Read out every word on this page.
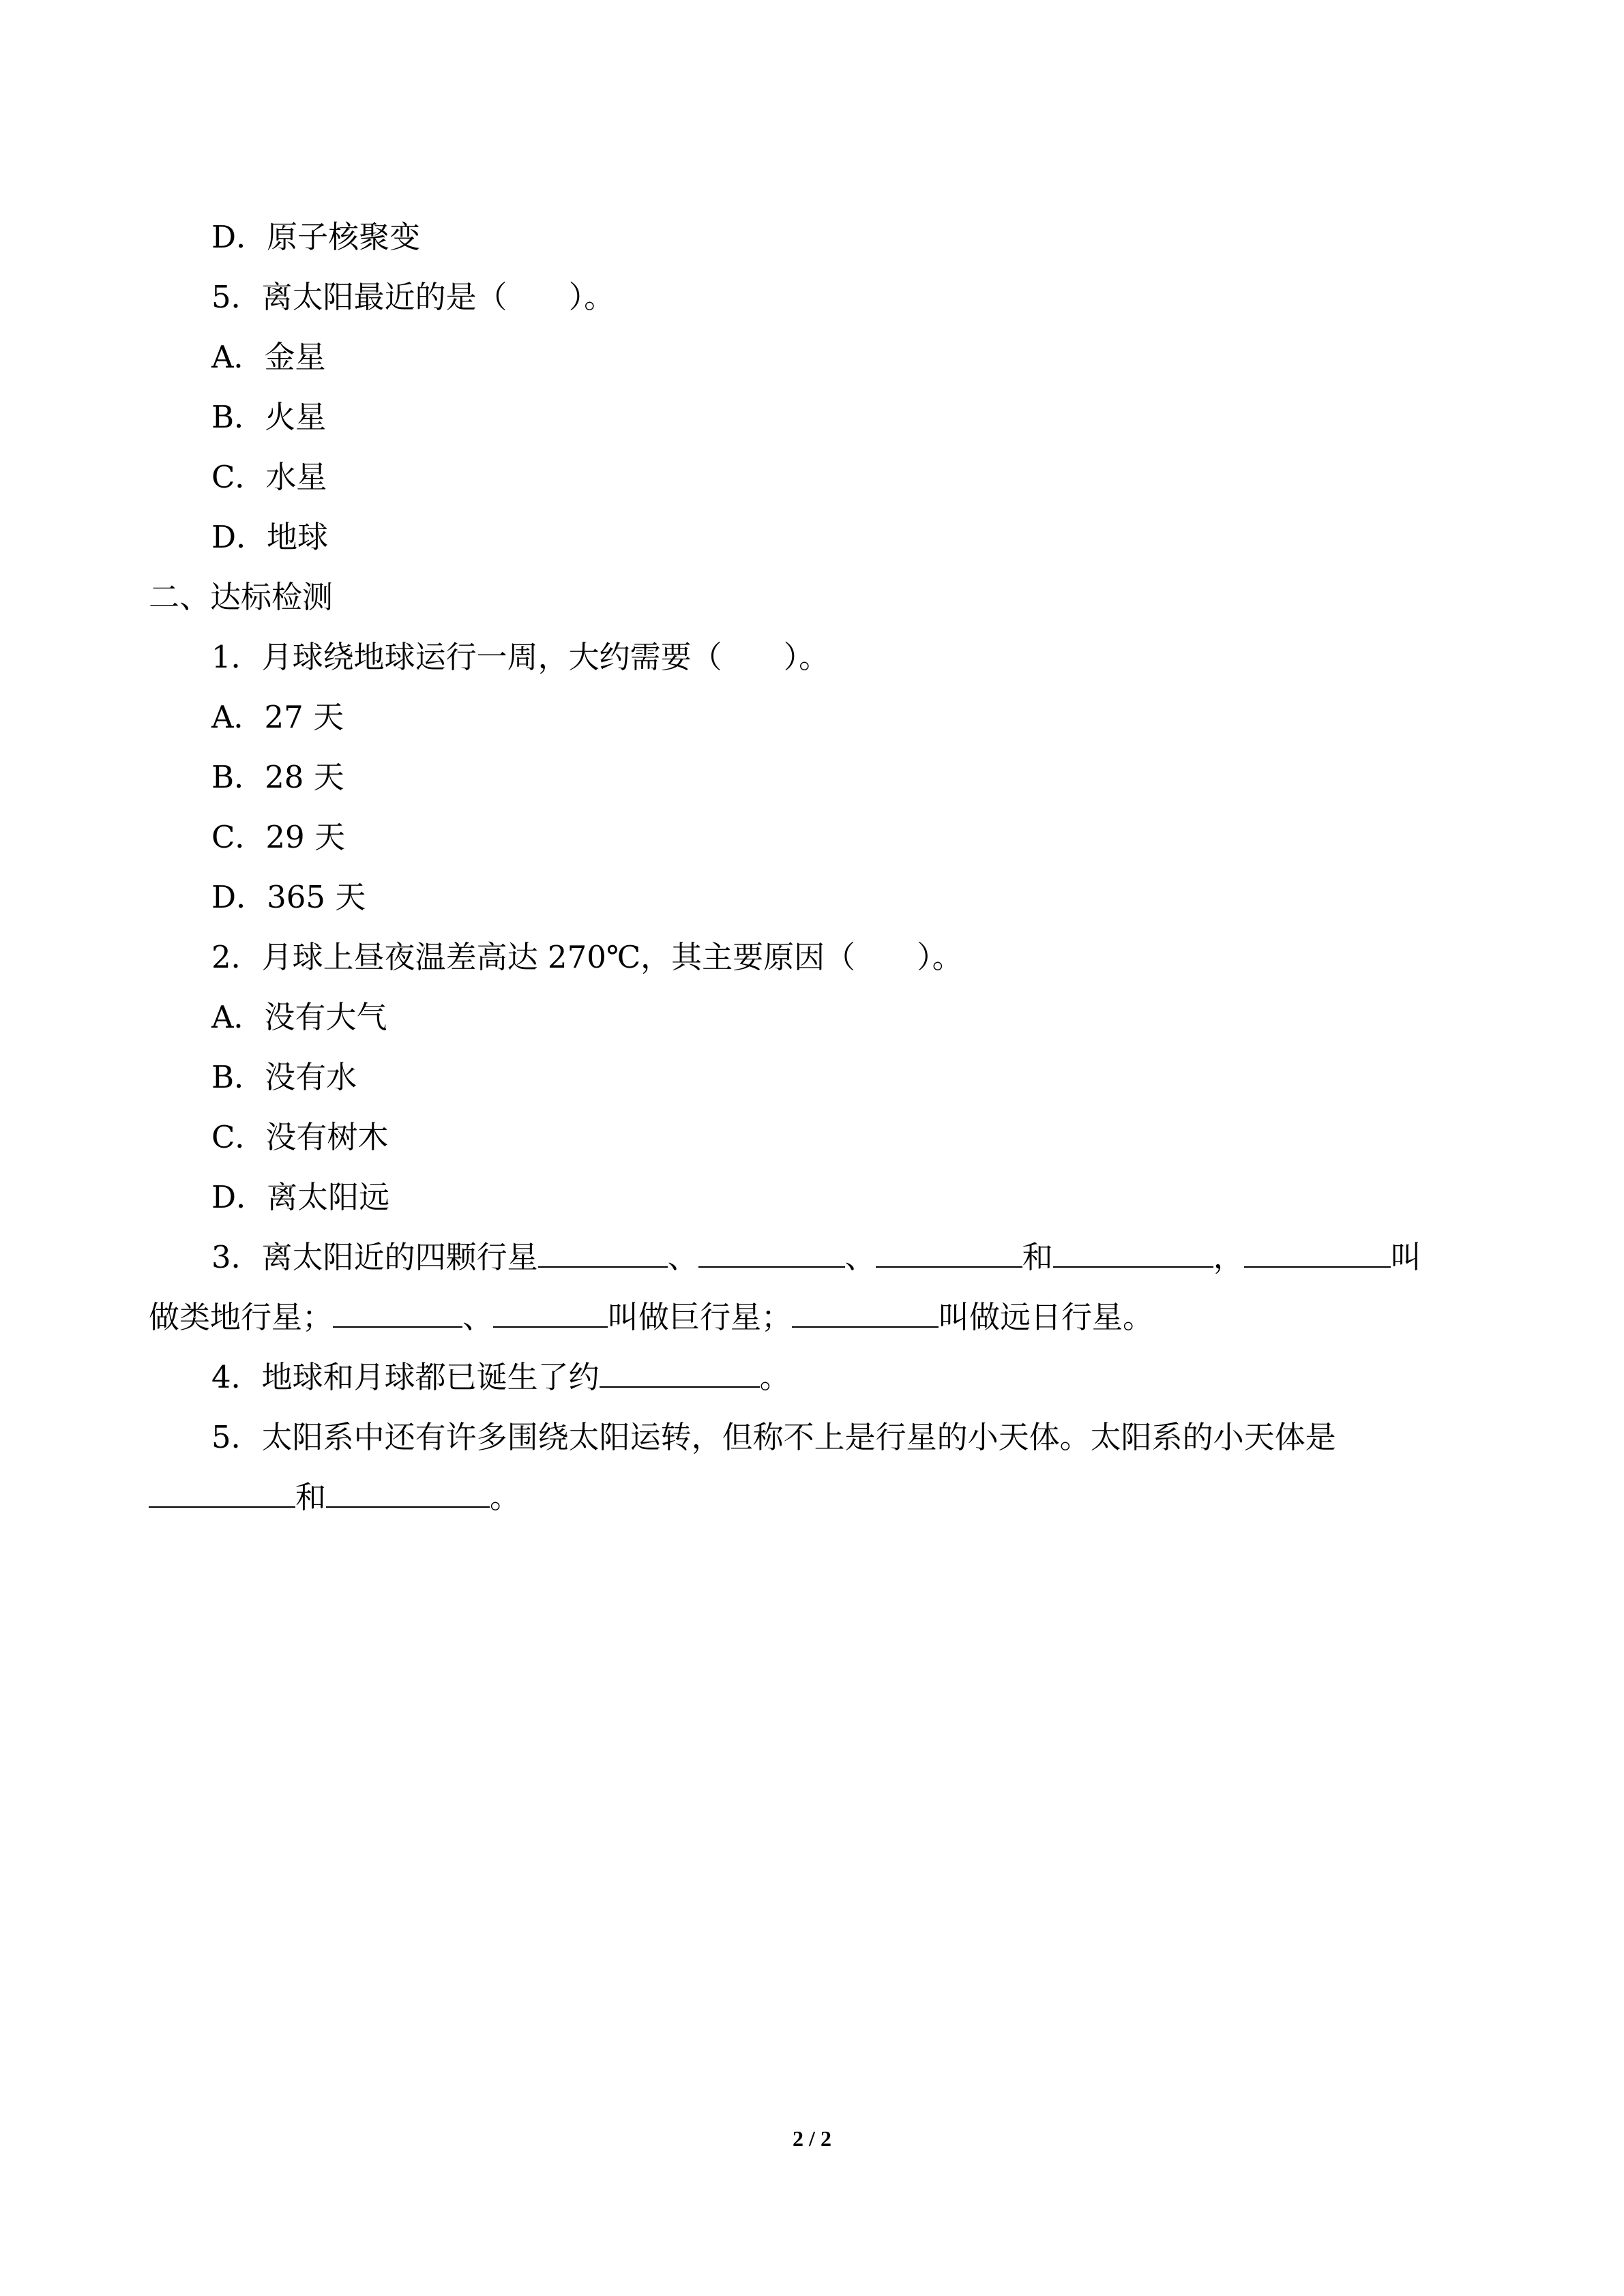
D．原子核聚变
5．离太阳最近的是（　　）。
A．金星
B．火星
C．水星
D．地球
二、达标检测
1．月球绕地球运行一周，大约需要（　　）。
A．27 天
B．28 天
C．29 天
D．365 天
2．月球上昼夜温差高达 270℃，其主要原因（　　）。
A．没有大气
B．没有水
C．没有树木
D．离太阳远
3．离太阳近的四颗行星	、	、	和	，	叫
做类地行星；	、	叫做巨行星；	叫做远日行星。
4．地球和月球都已诞生了约	。
5．太阳系中还有许多围绕太阳运转，但称不上是行星的小天体。太阳系的小天体是
和	。
2 / 2
